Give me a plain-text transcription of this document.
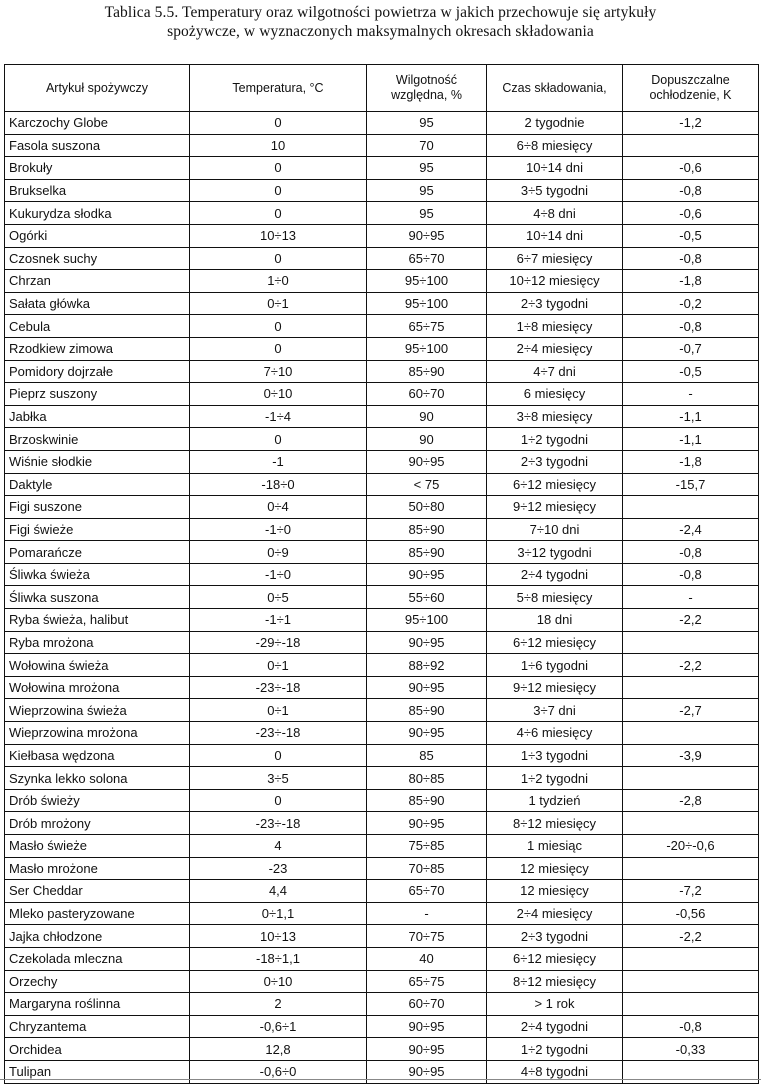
Tablica 5.5. Temperatury oraz wilgotności powietrza w jakich przechowuje się artykuły
spożywcze, w wyznaczonych maksymalnych okresach składowania
Artykuł spożywczy	Temperatura, °C	Wilgotność względna, %	Czas składowania,	Dopuszczalne ochłodzenie, K
Karczochy Globe	0	95	2 tygodnie	-1,2
Fasola suszona	10	70	6÷8 miesięcy	
Brokuły	0	95	10÷14 dni	-0,6
Brukselka	0	95	3÷5 tygodni	-0,8
Kukurydza słodka	0	95	4÷8 dni	-0,6
Ogórki	10÷13	90÷95	10÷14 dni	-0,5
Czosnek suchy	0	65÷70	6÷7 miesięcy	-0,8
Chrzan	1÷0	95÷100	10÷12 miesięcy	-1,8
Sałata główka	0÷1	95÷100	2÷3 tygodni	-0,2
Cebula	0	65÷75	1÷8 miesięcy	-0,8
Rzodkiew zimowa	0	95÷100	2÷4 miesięcy	-0,7
Pomidory dojrzałe	7÷10	85÷90	4÷7 dni	-0,5
Pieprz suszony	0÷10	60÷70	6 miesięcy	-
Jabłka	-1÷4	90	3÷8 miesięcy	-1,1
Brzoskwinie	0	90	1÷2 tygodni	-1,1
Wiśnie słodkie	-1	90÷95	2÷3 tygodni	-1,8
Daktyle	-18÷0	< 75	6÷12 miesięcy	-15,7
Figi suszone	0÷4	50÷80	9÷12 miesięcy	
Figi świeże	-1÷0	85÷90	7÷10 dni	-2,4
Pomarańcze	0÷9	85÷90	3÷12 tygodni	-0,8
Śliwka świeża	-1÷0	90÷95	2÷4 tygodni	-0,8
Śliwka suszona	0÷5	55÷60	5÷8 miesięcy	-
Ryba świeża, halibut	-1÷1	95÷100	18 dni	-2,2
Ryba mrożona	-29÷-18	90÷95	6÷12 miesięcy	
Wołowina świeża	0÷1	88÷92	1÷6 tygodni	-2,2
Wołowina mrożona	-23÷-18	90÷95	9÷12 miesięcy	
Wieprzowina świeża	0÷1	85÷90	3÷7 dni	-2,7
Wieprzowina mrożona	-23÷-18	90÷95	4÷6 miesięcy	
Kiełbasa wędzona	0	85	1÷3 tygodni	-3,9
Szynka lekko solona	3÷5	80÷85	1÷2 tygodni	
Drób świeży	0	85÷90	1 tydzień	-2,8
Drób mrożony	-23÷-18	90÷95	8÷12 miesięcy	
Masło świeże	4	75÷85	1 miesiąc	-20÷-0,6
Masło mrożone	-23	70÷85	12 miesięcy	
Ser Cheddar	4,4	65÷70	12 miesięcy	-7,2
Mleko pasteryzowane	0÷1,1	-	2÷4 miesięcy	-0,56
Jajka chłodzone	10÷13	70÷75	2÷3 tygodni	-2,2
Czekolada mleczna	-18÷1,1	40	6÷12 miesięcy	
Orzechy	0÷10	65÷75	8÷12 miesięcy	
Margaryna roślinna	2	60÷70	> 1 rok	
Chryzantema	-0,6÷1	90÷95	2÷4 tygodni	-0,8
Orchidea	12,8	90÷95	1÷2 tygodni	-0,33
Tulipan	-0,6÷0	90÷95	4÷8 tygodni	
